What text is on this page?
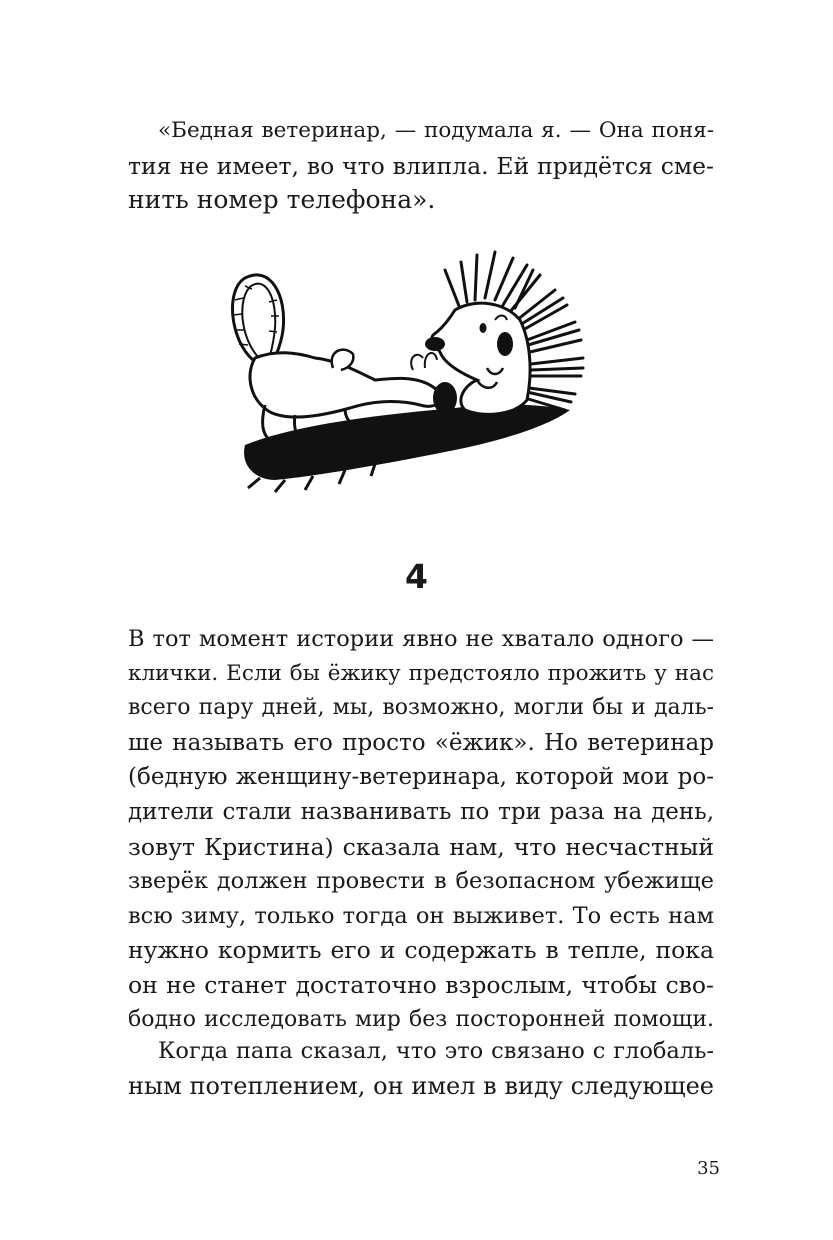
«Бедная ветеринар, — подумала я. — Она поня-
тия не имеет, во что влипла. Ей придётся сме-
нить номер телефона».
4
В тот момент истории явно не хватало одного —
клички. Если бы ёжику предстояло прожить у нас
всего пару дней, мы, возможно, могли бы и даль-
ше называть его просто «ёжик». Но ветеринар
(бедную женщину-ветеринара, которой мои ро-
дители стали названивать по три раза на день,
зовут Кристина) сказала нам, что несчастный
зверёк должен провести в безопасном убежище
всю зиму, только тогда он выживет. То есть нам
нужно кормить его и содержать в тепле, пока
он не станет достаточно взрослым, чтобы сво-
бодно исследовать мир без посторонней помощи.
Когда папа сказал, что это связано с глобаль-
ным потеплением, он имел в виду следующее
35
